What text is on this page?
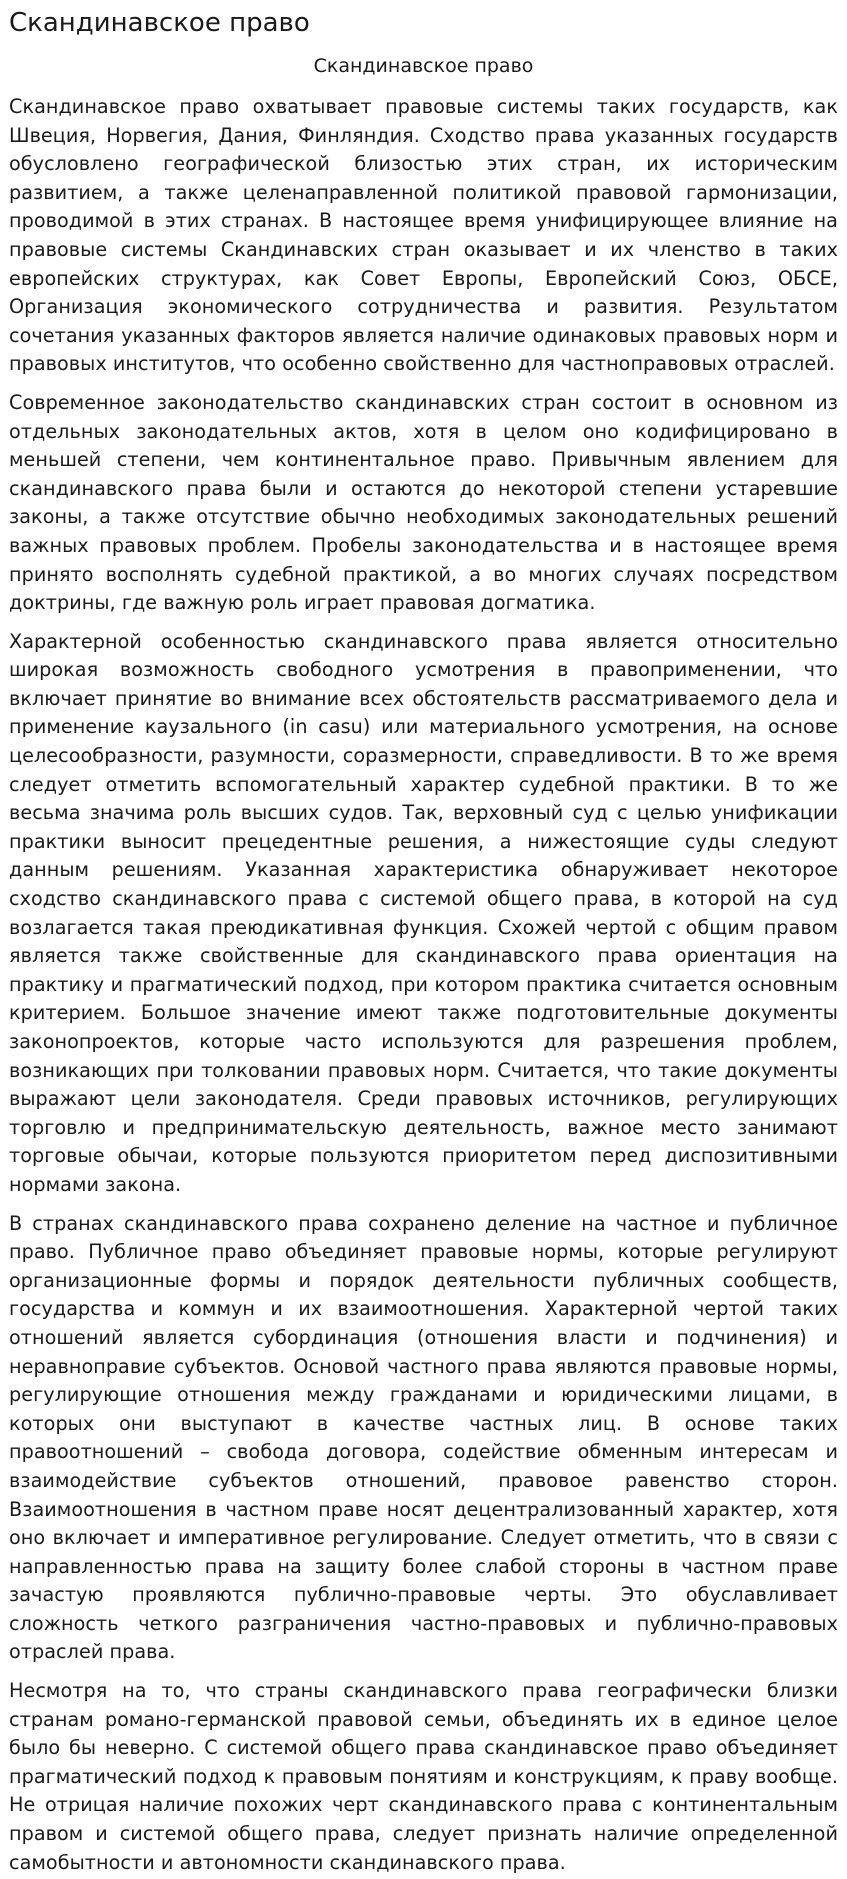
Скандинавское право
Скандинавское право

Скандинавское право охватывает правовые системы таких государств, как Швеция, Норвегия, Дания, Финляндия. Сходство права указанных государств обусловлено географической близостью этих стран, их историческим развитием, а также целенаправленной политикой правовой гармонизации, проводимой в этих странах. В настоящее время унифицирующее влияние на правовые системы Скандинавских стран оказывает и их членство в таких европейских структурах, как Совет Европы, Европейский Союз, ОБСЕ, Организация экономического сотрудничества и развития. Результатом сочетания указанных факторов является наличие одинаковых правовых норм и правовых институтов, что особенно свойственно для частноправовых отраслей.

Современное законодательство скандинавских стран состоит в основном из отдельных законодательных актов, хотя в целом оно кодифицировано в меньшей степени, чем континентальное право. Привычным явлением для скандинавского права были и остаются до некоторой степени устаревшие законы, а также отсутствие обычно необходимых законодательных решений важных правовых проблем. Пробелы законодательства и в настоящее время принято восполнять судебной практикой, а во многих случаях посредством доктрины, где важную роль играет правовая догматика.

Характерной особенностью скандинавского права является относительно широкая возможность свободного усмотрения в правоприменении, что включает принятие во внимание всех обстоятельств рассматриваемого дела и применение каузального (in casu) или материального усмотрения, на основе целесообразности, разумности, соразмерности, справедливости. В то же время следует отметить вспомогательный характер судебной практики. В то же весьма значима роль высших судов. Так, верховный суд с целью унификации практики выносит прецедентные решения, а нижестоящие суды следуют данным решениям. Указанная характеристика обнаруживает некоторое сходство скандинавского права с системой общего права, в которой на суд возлагается такая преюдикативная функция. Схожей чертой с общим правом является также свойственные для скандинавского права ориентация на практику и прагматический подход, при котором практика считается основным критерием. Большое значение имеют также подготовительные документы законопроектов, которые часто используются для разрешения проблем, возникающих при толковании правовых норм. Считается, что такие документы выражают цели законодателя. Среди правовых источников, регулирующих торговлю и предпринимательскую деятельность, важное место занимают торговые обычаи, которые пользуются приоритетом перед диспозитивными нормами закона.

В странах скандинавского права сохранено деление на частное и публичное право. Публичное право объединяет правовые нормы, которые регулируют организационные формы и порядок деятельности публичных сообществ, государства и коммун и их взаимоотношения. Характерной чертой таких отношений является субординация (отношения власти и подчинения) и неравноправие субъектов. Основой частного права являются правовые нормы, регулирующие отношения между гражданами и юридическими лицами, в которых они выступают в качестве частных лиц. В основе таких правоотношений – свобода договора, содействие обменным интересам и взаимодействие субъектов отношений, правовое равенство сторон. Взаимоотношения в частном праве носят децентрализованный характер, хотя оно включает и императивное регулирование. Следует отметить, что в связи с направленностью права на защиту более слабой стороны в частном праве зачастую проявляются публично-правовые черты. Это обуславливает сложность четкого разграничения частно-правовых и публично-правовых отраслей права.

Несмотря на то, что страны скандинавского права географически близки странам романо-германской правовой семьи, объединять их в единое целое было бы неверно. С системой общего права скандинавское право объединяет прагматический подход к правовым понятиям и конструкциям, к праву вообще. Не отрицая наличие похожих черт скандинавского права с континентальным правом и системой общего права, следует признать наличие определенной самобытности и автономности скандинавского права.
